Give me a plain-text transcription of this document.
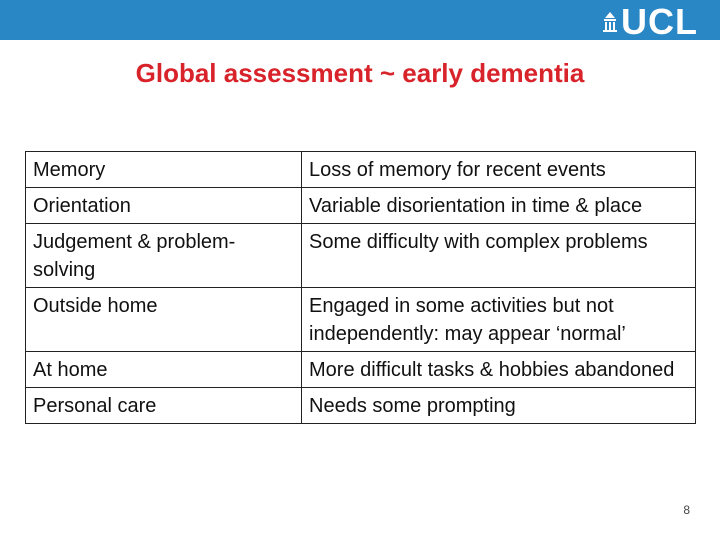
UCL
Global assessment ~ early dementia
Memory	Loss of memory for recent events
Orientation	Variable disorientation in time & place
Judgement & problem-solving	Some difficulty with complex problems
Outside home	Engaged in some activities but not independently: may appear ‘normal’
At home	More difficult tasks & hobbies abandoned
Personal care	Needs some prompting
8
